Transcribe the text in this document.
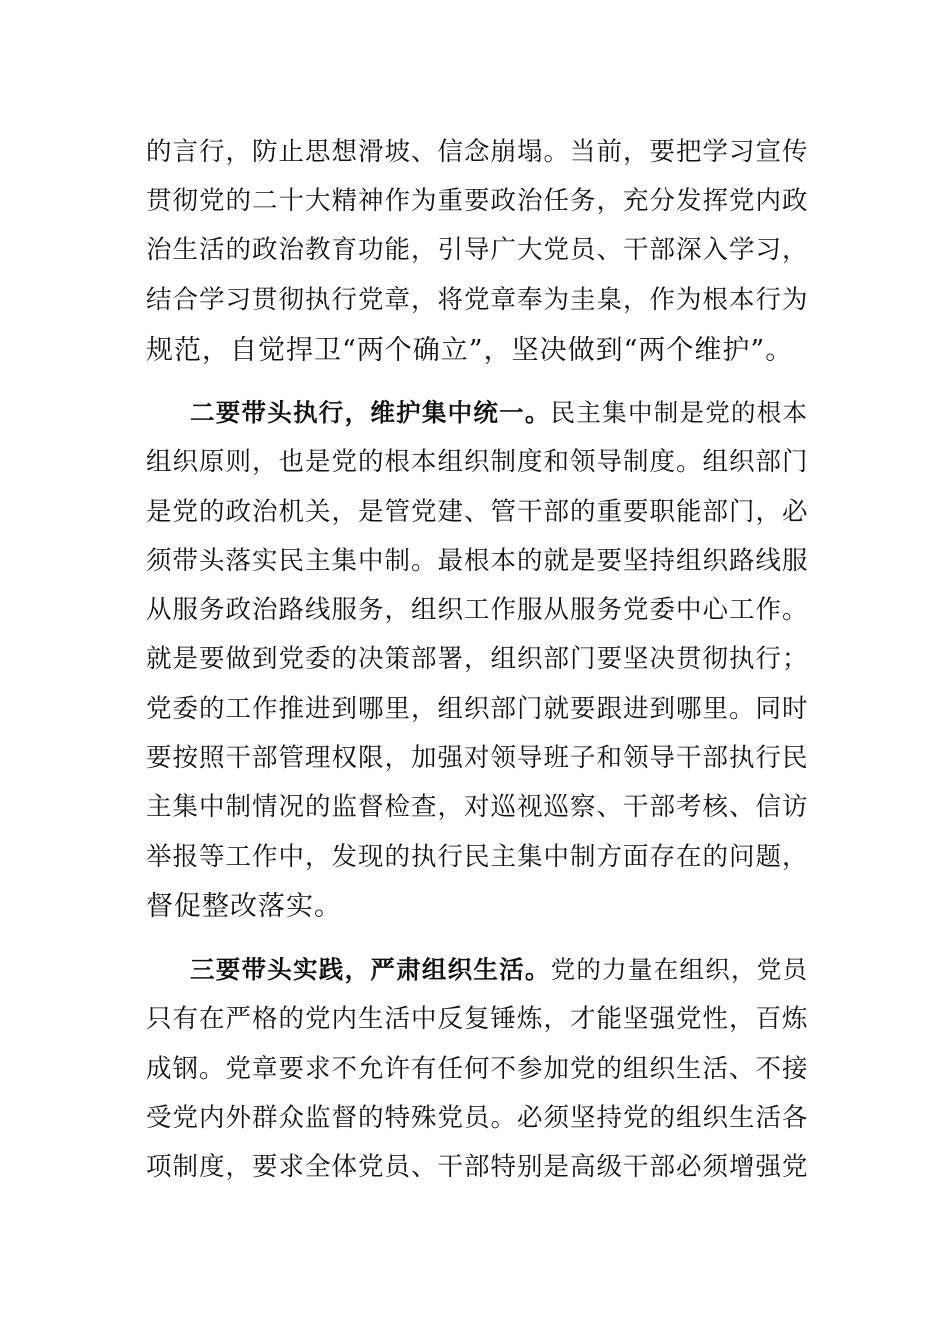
的言行，防止思想滑坡、信念崩塌。当前，要把学习宣传
贯彻党的二十大精神作为重要政治任务，充分发挥党内政
治生活的政治教育功能，引导广大党员、干部深入学习，
结合学习贯彻执行党章，将党章奉为圭臬，作为根本行为
规范，自觉捍卫“两个确立”，坚决做到“两个维护”。
二要带头执行，维护集中统一。民主集中制是党的根本
组织原则，也是党的根本组织制度和领导制度。组织部门
是党的政治机关，是管党建、管干部的重要职能部门，必
须带头落实民主集中制。最根本的就是要坚持组织路线服
从服务政治路线服务，组织工作服从服务党委中心工作。
就是要做到党委的决策部署，组织部门要坚决贯彻执行；
党委的工作推进到哪里，组织部门就要跟进到哪里。同时
要按照干部管理权限，加强对领导班子和领导干部执行民
主集中制情况的监督检查，对巡视巡察、干部考核、信访
举报等工作中，发现的执行民主集中制方面存在的问题，
督促整改落实。
三要带头实践，严肃组织生活。党的力量在组织，党员
只有在严格的党内生活中反复锤炼，才能坚强党性，百炼
成钢。党章要求不允许有任何不参加党的组织生活、不接
受党内外群众监督的特殊党员。必须坚持党的组织生活各
项制度，要求全体党员、干部特别是高级干部必须增强党
